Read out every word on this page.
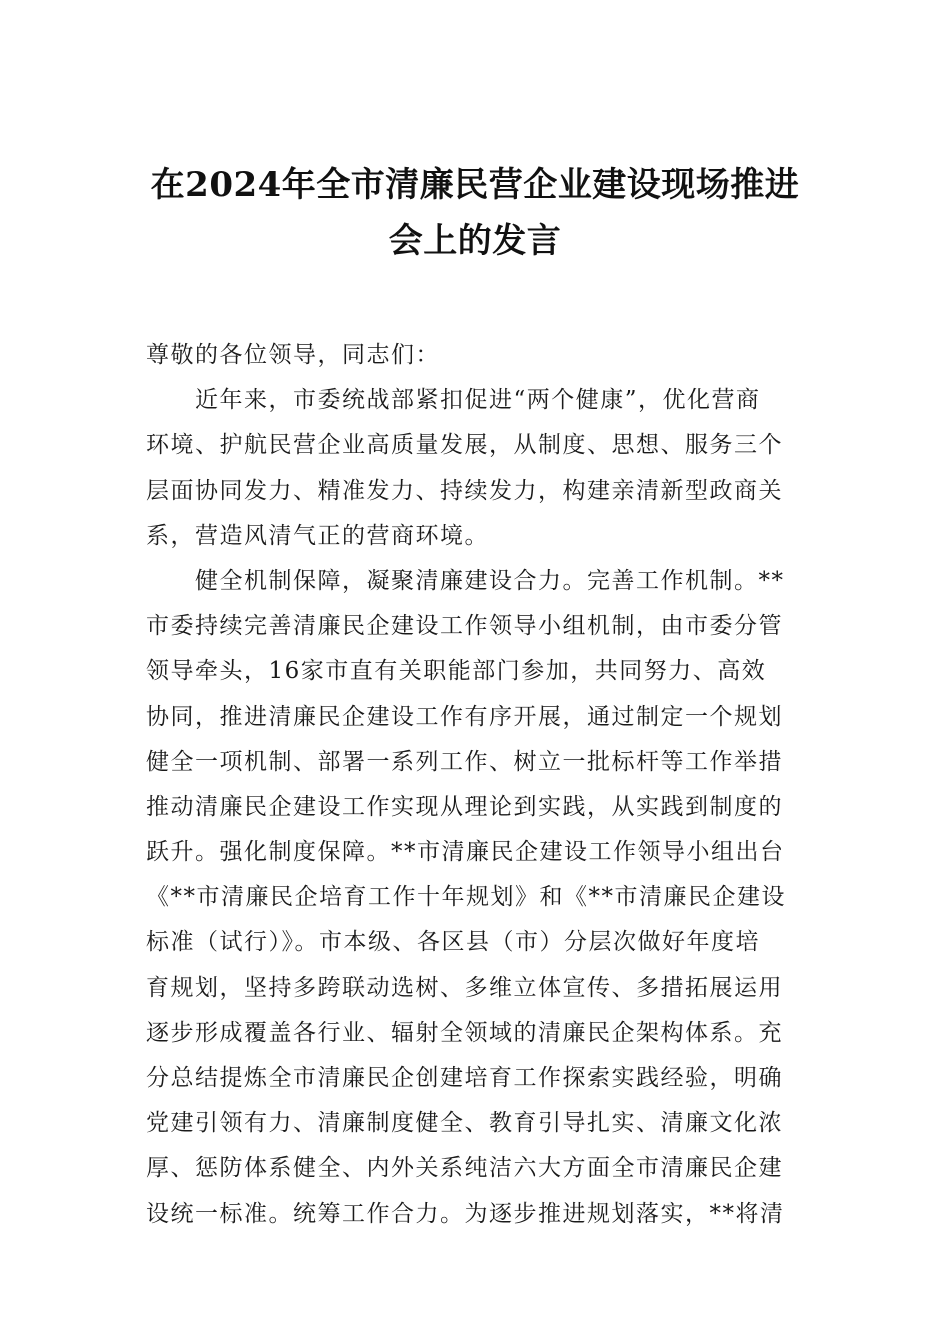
在2024年全市清廉民营企业建设现场推进
会上的发言
尊敬的各位领导，同志们：
　　近年来，市委统战部紧扣促进“两个健康”，优化营商
环境、护航民营企业高质量发展，从制度、思想、服务三个
层面协同发力、精准发力、持续发力，构建亲清新型政商关
系，营造风清气正的营商环境。
　　健全机制保障，凝聚清廉建设合力。完善工作机制。**
市委持续完善清廉民企建设工作领导小组机制，由市委分管
领导牵头，16家市直有关职能部门参加，共同努力、高效
协同，推进清廉民企建设工作有序开展，通过制定一个规划
健全一项机制、部署一系列工作、树立一批标杆等工作举措
推动清廉民企建设工作实现从理论到实践，从实践到制度的
跃升。强化制度保障。**市清廉民企建设工作领导小组出台
《**市清廉民企培育工作十年规划》和《**市清廉民企建设
标准（试行）》。市本级、各区县（市）分层次做好年度培
育规划，坚持多跨联动选树、多维立体宣传、多措拓展运用
逐步形成覆盖各行业、辐射全领域的清廉民企架构体系。充
分总结提炼全市清廉民企创建培育工作探索实践经验，明确
党建引领有力、清廉制度健全、教育引导扎实、清廉文化浓
厚、惩防体系健全、内外关系纯洁六大方面全市清廉民企建
设统一标准。统筹工作合力。为逐步推进规划落实，**将清
